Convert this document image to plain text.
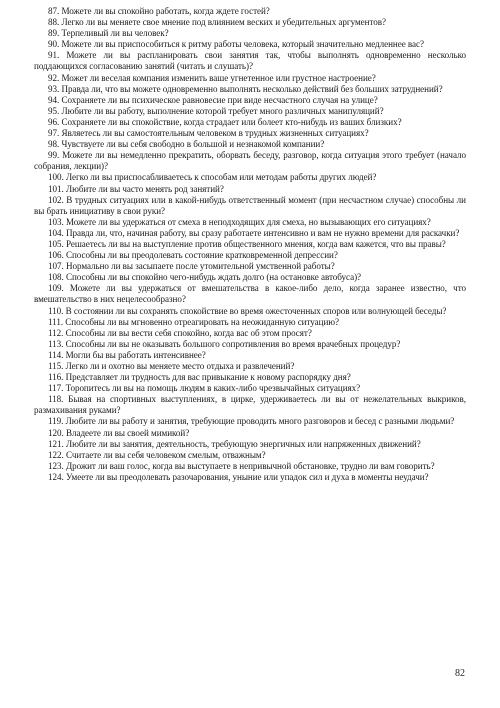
87. Можете ли вы спокойно работать, когда ждете гостей?

88. Легко ли вы меняете свое мнение под влиянием веских и убедительных аргументов?

89. Терпеливый ли вы человек?

90. Можете ли вы приспособиться к ритму работы человека, который значительно медленнее вас?

91. Можете ли вы распланировать свои занятия так, чтобы выполнять одновременно несколько поддающихся согласованию занятий (читать и слушать)?

92. Может ли веселая компания изменить ваше угнетенное или грустное настроение?

93. Правда ли, что вы можете одновременно выполнять несколько действий без больших затруднений?

94. Сохраняете ли вы психическое равновесие при виде несчастного случая на улице?

95. Любите ли вы работу, выполнение которой требует много различных манипуляций?

96. Сохраняете ли вы спокойствие, когда страдает или болеет кто-нибудь из ваших близких?

97. Являетесь ли вы самостоятельным человеком в трудных жизненных ситуациях?

98. Чувствуете ли вы себя свободно в большой и незнакомой компании?

99. Можете ли вы немедленно прекратить, оборвать беседу, разговор, когда ситуация этого требует (начало собрания, лекции)?

100. Легко ли вы приспосабливаетесь к способам или методам работы других людей?

101. Любите ли вы часто менять род занятий?

102. В трудных ситуациях или в какой-нибудь ответственный момент (при несчастном случае) способны ли вы брать инициативу в свои руки?

103. Можете ли вы удержаться от смеха в неподходящих для смеха, но вызывающих его ситуациях?

104. Правда ли, что, начиная работу, вы сразу работаете интенсивно и вам не нужно времени для раскачки?

105. Решаетесь ли вы на выступление против общественного мнения, когда вам кажется, что вы правы?

106. Способны ли вы преодолевать состояние кратковременной депрессии?

107. Нормально ли вы засыпаете после утомительной умственной работы?

108. Способны ли вы спокойно чего-нибудь ждать долго (на остановке автобуса)?

109. Можете ли вы удержаться от вмешательства в какое-либо дело, когда заранее известно, что вмешательство в них нецелесообразно?

110. В состоянии ли вы сохранять спокойствие во время ожесточенных споров или волнующей беседы?

111. Способны ли вы мгновенно отреагировать на неожиданную ситуацию?

112. Способны ли вы вести себя спокойно, когда вас об этом просят?

113. Способны ли вы не оказывать большого сопротивления во время врачебных процедур?

114. Могли бы вы работать интенсивнее?

115. Легко ли и охотно вы меняете место отдыха и развлечений?

116. Представляет ли трудность для вас привыкание к новому распорядку дня?

117. Торопитесь ли вы на помощь людям в каких-либо чрезвычайных ситуациях?

118. Бывая на спортивных выступлениях, в цирке, удерживаетесь ли вы от нежелательных выкриков, размахивания руками?

119. Любите ли вы работу и занятия, требующие проводить много разговоров и бесед с разными людьми?

120. Владеете ли вы своей мимикой?

121. Любите ли вы занятия, деятельность, требующую энергичных или напряженных движений?

122. Считаете ли вы себя человеком смелым, отважным?

123. Дрожит ли ваш голос, когда вы выступаете в непривычной обстановке, трудно ли вам говорить?

124. Умеете ли вы преодолевать разочарования, уныние или упадок сил и духа в моменты неудачи?

82
